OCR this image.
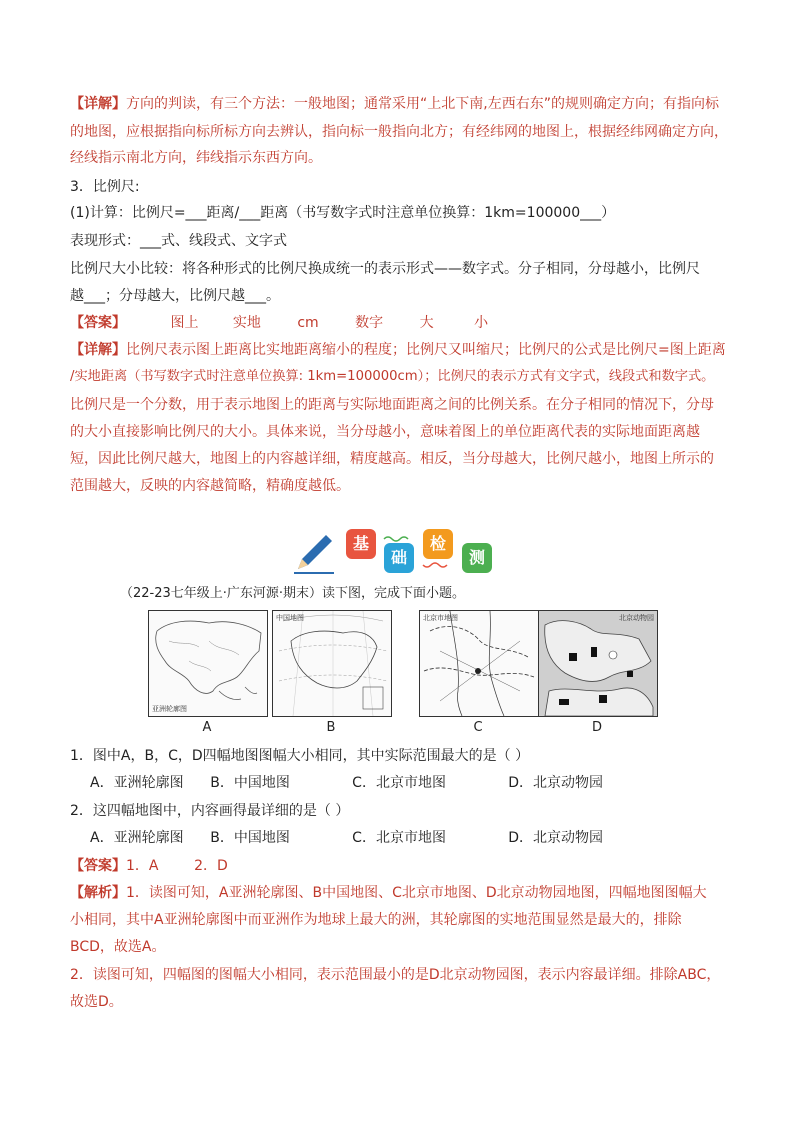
【详解】方向的判读，有三个方法：一般地图；通常采用“上北下南,左西右东”的规则确定方向；有指向标
的地图，应根据指向标所标方向去辨认，指向标一般指向北方；有经纬网的地图上，根据经纬网确定方向，
经线指示南北方向，纬线指示东西方向。
3．比例尺:
(1)计算：比例尺=___距离/___距离（书写数字式时注意单位换算：1km=100000___）
表现形式：___式、线段式、文字式
比例尺大小比较：将各种形式的比例尺换成统一的表示形式——数字式。分子相同，分母越小，比例尺
越___；分母越大，比例尺越___。
【答案】	图上 实地	cm	数字	大	小
【详解】比例尺表示图上距离比实地距离缩小的程度；比例尺又叫缩尺；比例尺的公式是比例尺=图上距离
/实地距离（书写数字式时注意单位换算: 1km=100000cm）；比例尺的表示方式有文字式，线段式和数字式。
比例尺是一个分数，用于表示地图上的距离与实际地面距离之间的比例关系。在分子相同的情况下，分母
的大小直接影响比例尺的大小。具体来说，当分母越小，意味着图上的单位距离代表的实际地面距离越
短，因此比例尺越大，地图上的内容越详细，精度越高。相反，当分母越大，比例尺越小，地图上所示的
范围越大，反映的内容越简略，精确度越低。
基
础
检
测
（22-23七年级上·广东河源·期末）读下图，完成下面小题。
亚洲轮廓图
中国地图	北京市地图	北京动物园
A	B	C	D
1．图中A，B，C，D四幅地图图幅大小相同，其中实际范围最大的是（ ）
A．亚洲轮廓图      B．中国地图              C．北京市地图              D．北京动物园
2．这四幅地图中，内容画得最详细的是（ ）
A．亚洲轮廓图      B．中国地图              C．北京市地图              D．北京动物园
【答案】1．A        2．D
【解析】1．读图可知，A亚洲轮廓图、B中国地图、C北京市地图、D北京动物园地图，四幅地图图幅大
小相同，其中A亚洲轮廓图中而亚洲作为地球上最大的洲，其轮廓图的实地范围显然是最大的，排除
BCD，故选A。
2．读图可知，四幅图的图幅大小相同，表示范围最小的是D北京动物园图，表示内容最详细。排除ABC，
故选D。
